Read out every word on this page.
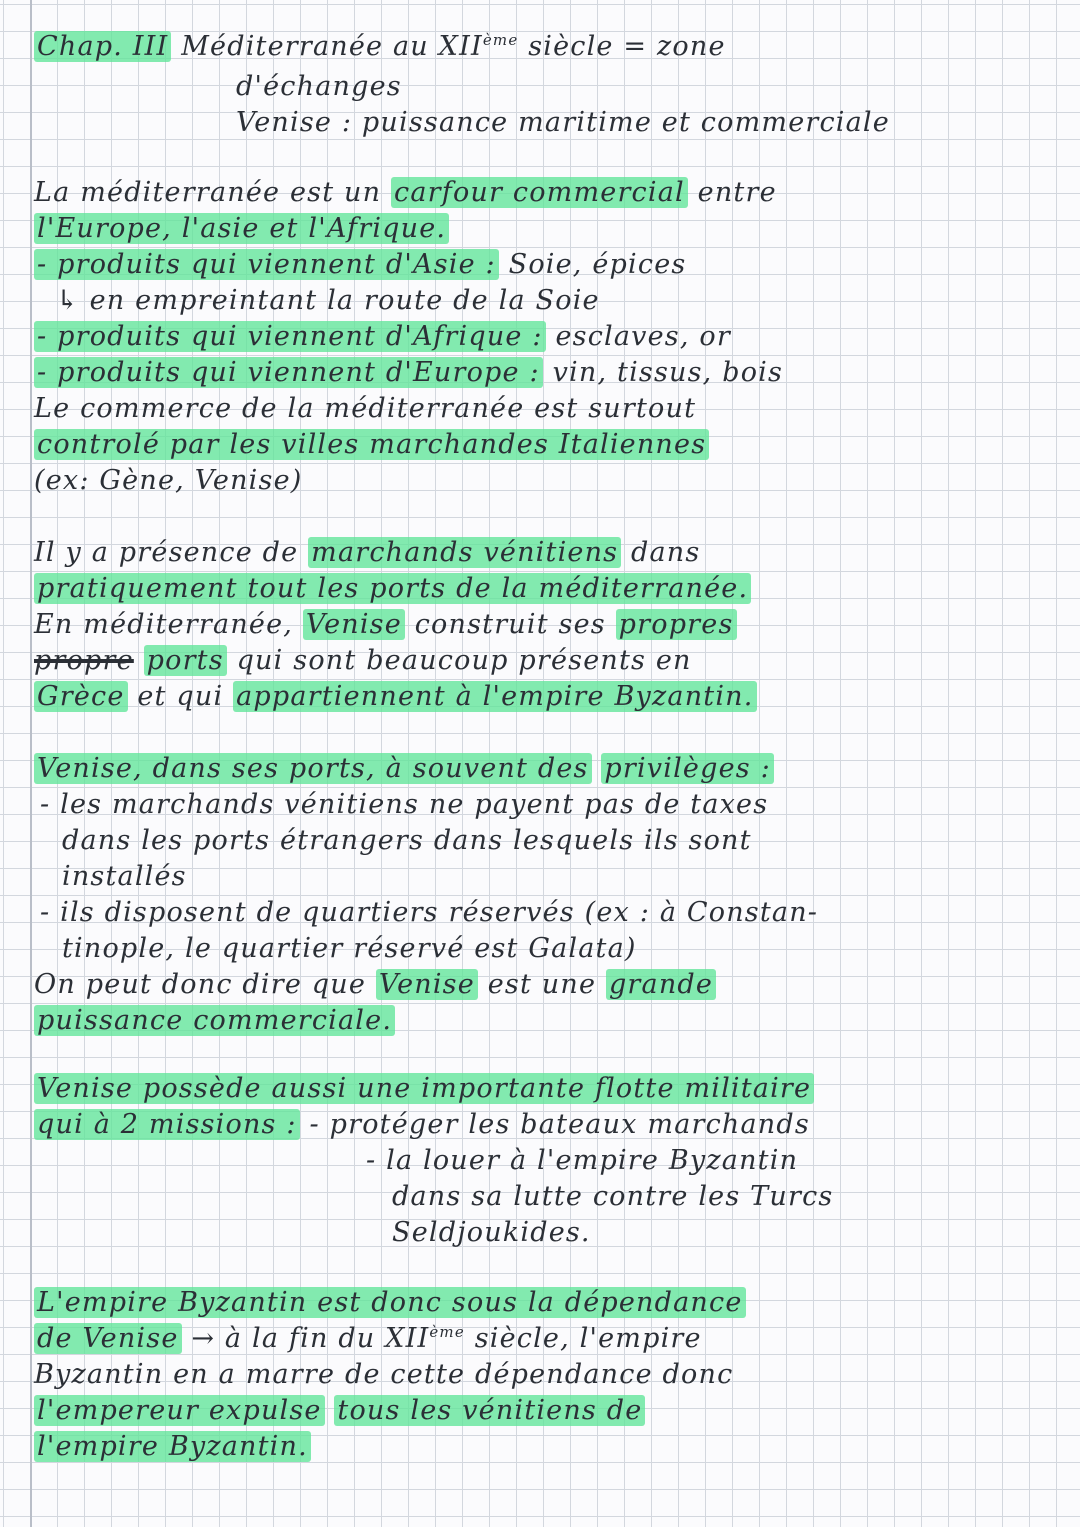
Chap. III Méditerranée au XIIème siècle = zone
d'échanges
Venise : puissance maritime et commerciale
La méditerranée est un carfour commercial entre
l'Europe, l'asie et l'Afrique.
- produits qui viennent d'Asie : Soie, épices
↳ en empreintant la route de la Soie
- produits qui viennent d'Afrique : esclaves, or
- produits qui viennent d'Europe : vin, tissus, bois
Le commerce de la méditerranée est surtout
controlé par les villes marchandes Italiennes
(ex: Gène, Venise)
Il y a présence de marchands vénitiens dans
pratiquement tout les ports de la méditerranée.
En méditerranée, Venise construit ses propres
propre ports qui sont beaucoup présents en
Grèce et qui appartiennent à l'empire Byzantin.
Venise, dans ses ports, à souvent des privilèges :
- les marchands vénitiens ne payent pas de taxes
dans les ports étrangers dans lesquels ils sont
installés
- ils disposent de quartiers réservés (ex : à Constan-
tinople, le quartier réservé est Galata)
On peut donc dire que Venise est une grande
puissance commerciale.
Venise possède aussi une importante flotte militaire
qui à 2 missions : - protéger les bateaux marchands
- la louer à l'empire Byzantin
dans sa lutte contre les Turcs
Seldjoukides.
L'empire Byzantin est donc sous la dépendance
de Venise → à la fin du XIIème siècle, l'empire
Byzantin en a marre de cette dépendance donc
l'empereur expulse tous les vénitiens de
l'empire Byzantin.
